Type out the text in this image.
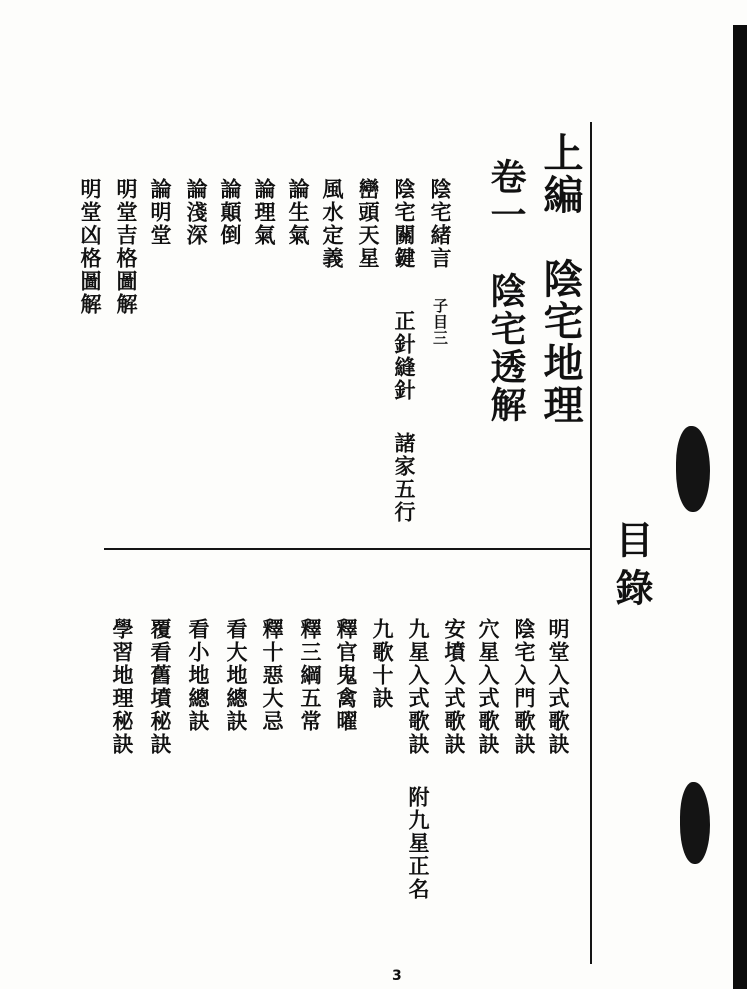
目錄
上編　陰宅地理
卷一　陰宅透解
陰宅緒言
陰宅關鍵
子目三
巒頭天星
正針縫針
諸家五行
風水定義
論生氣
論理氣
論顛倒
論淺深
論明堂
明堂吉格圖解
明堂凶格圖解
明堂入式歌訣
陰宅入門歌訣
穴星入式歌訣
安墳入式歌訣
九星入式歌訣
附九星正名
九歌十訣
釋官鬼禽曜
釋三綱五常
釋十惡大忌
看大地總訣
看小地總訣
覆看舊墳秘訣
學習地理秘訣
3
